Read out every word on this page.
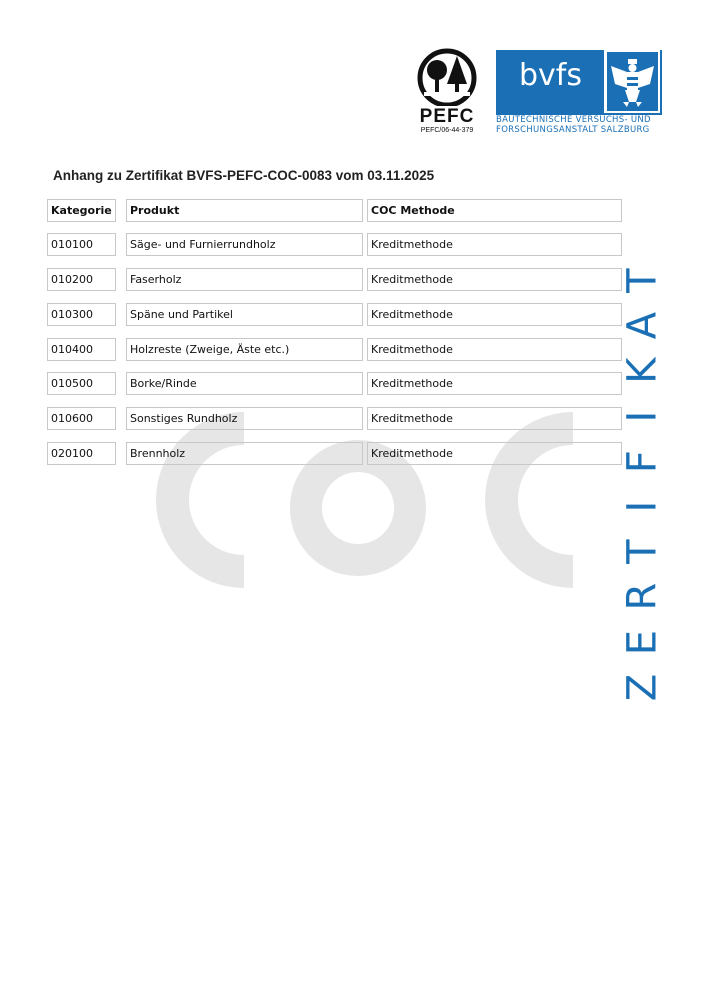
PEFC
PEFC/06-44-379
bvfs
BAUTECHNISCHE VERSUCHS- UND
FORSCHUNGSANSTALT SALZBURG
Anhang zu Zertifikat BVFS-PEFC-COC-0083 vom 03.11.2025
Kategorie	Produkt	COC Methode
010100	Säge- und Furnierrundholz	Kreditmethode
010200	Faserholz	Kreditmethode
010300	Späne und Partikel	Kreditmethode
010400	Holzreste (Zweige, Äste etc.)	Kreditmethode
010500	Borke/Rinde	Kreditmethode
010600	Sonstiges Rundholz	Kreditmethode
020100	Brennholz	Kreditmethode
T
A
K
I
F
I
T
R
E
Z
